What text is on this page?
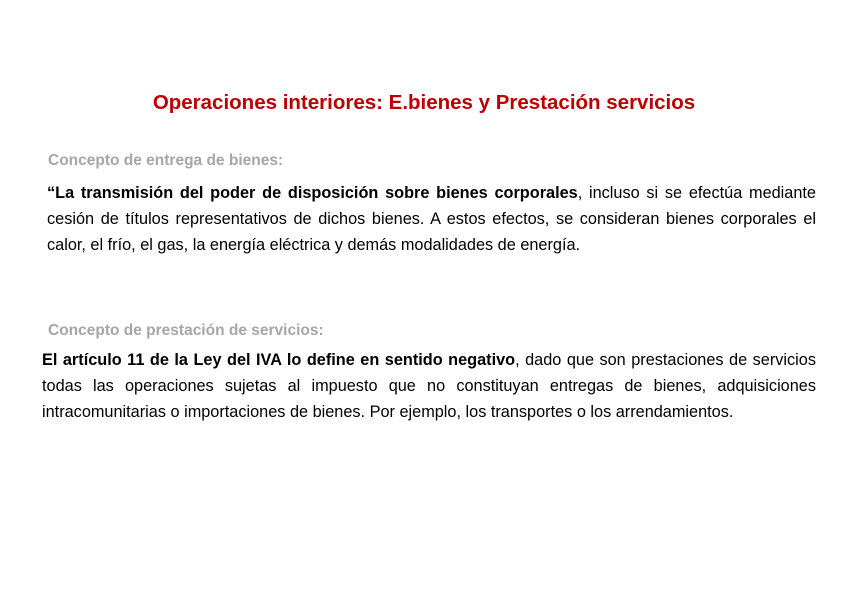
Operaciones interiores: E.bienes y Prestación servicios
Concepto de entrega de bienes:

“La transmisión del poder de disposición sobre bienes corporales, incluso si se efectúa mediante cesión de títulos representativos de dichos bienes. A estos efectos, se consideran bienes corporales el calor, el frío, el gas, la energía eléctrica y demás modalidades de energía.

Concepto de prestación de servicios:

El artículo 11 de la Ley del IVA lo define en sentido negativo, dado que son prestaciones de servicios todas las operaciones sujetas al impuesto que no constituyan entregas de bienes, adquisiciones intracomunitarias o importaciones de bienes. Por ejemplo, los transportes o los arrendamientos.
